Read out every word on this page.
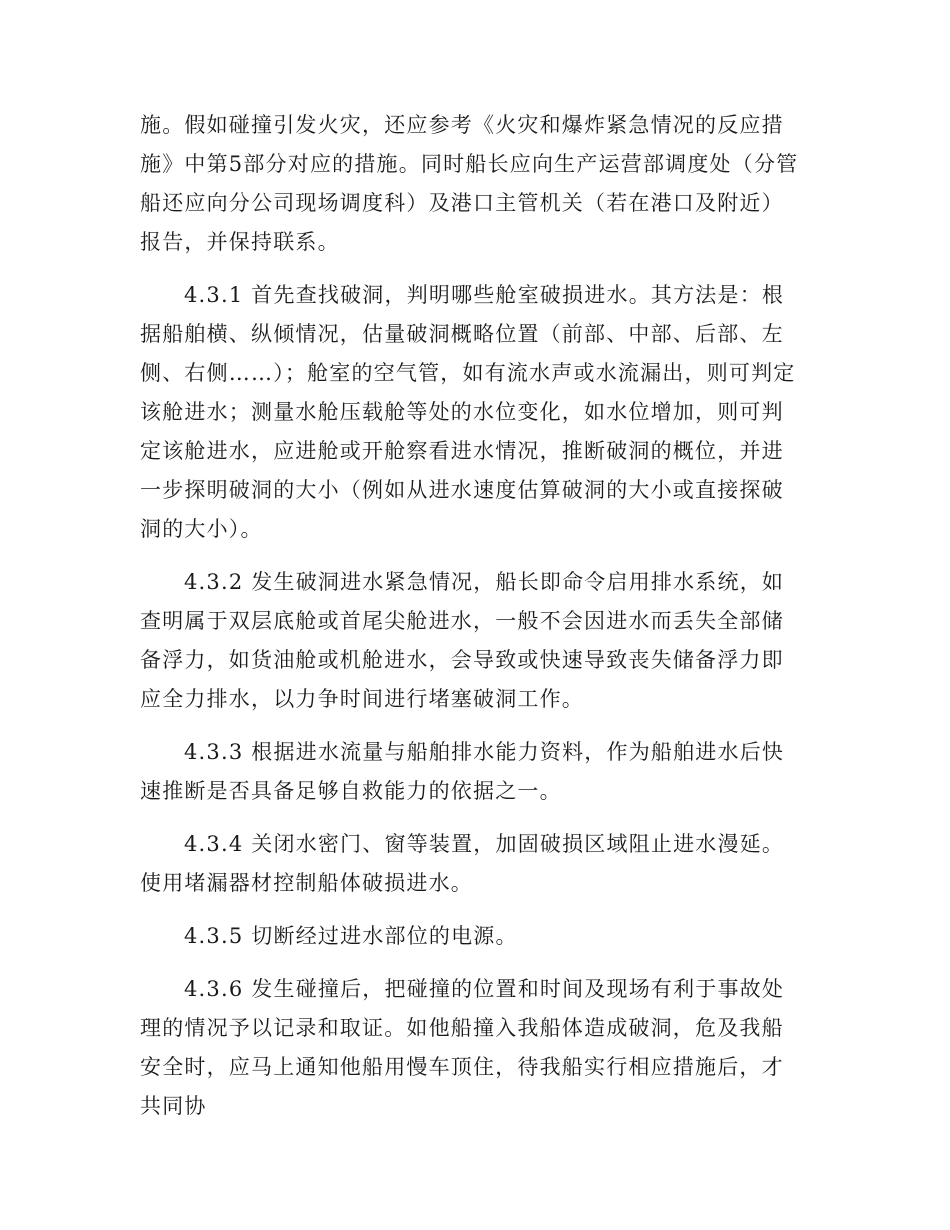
施。假如碰撞引发火灾，还应参考《火灾和爆炸紧急情况的反应措施》中第5部分对应的措施。同时船长应向生产运营部调度处（分管船还应向分公司现场调度科）及港口主管机关（若在港口及附近）报告，并保持联系。

4.3.1 首先查找破洞，判明哪些舱室破损进水。其方法是：根据船舶横、纵倾情况，估量破洞概略位置（前部、中部、后部、左侧、右侧……）；舱室的空气管，如有流水声或水流漏出，则可判定该舱进水；测量水舱压载舱等处的水位变化，如水位增加，则可判定该舱进水，应进舱或开舱察看进水情况，推断破洞的概位，并进一步探明破洞的大小（例如从进水速度估算破洞的大小或直接探破洞的大小）。

4.3.2 发生破洞进水紧急情况，船长即命令启用排水系统，如查明属于双层底舱或首尾尖舱进水，一般不会因进水而丢失全部储备浮力，如货油舱或机舱进水，会导致或快速导致丧失储备浮力即应全力排水，以力争时间进行堵塞破洞工作。

4.3.3 根据进水流量与船舶排水能力资料，作为船舶进水后快速推断是否具备足够自救能力的依据之一。

4.3.4 关闭水密门、窗等装置，加固破损区域阻止进水漫延。使用堵漏器材控制船体破损进水。

4.3.5 切断经过进水部位的电源。

4.3.6 发生碰撞后，把碰撞的位置和时间及现场有利于事故处理的情况予以记录和取证。如他船撞入我船体造成破洞，危及我船安全时，应马上通知他船用慢车顶住，待我船实行相应措施后，才共同协
